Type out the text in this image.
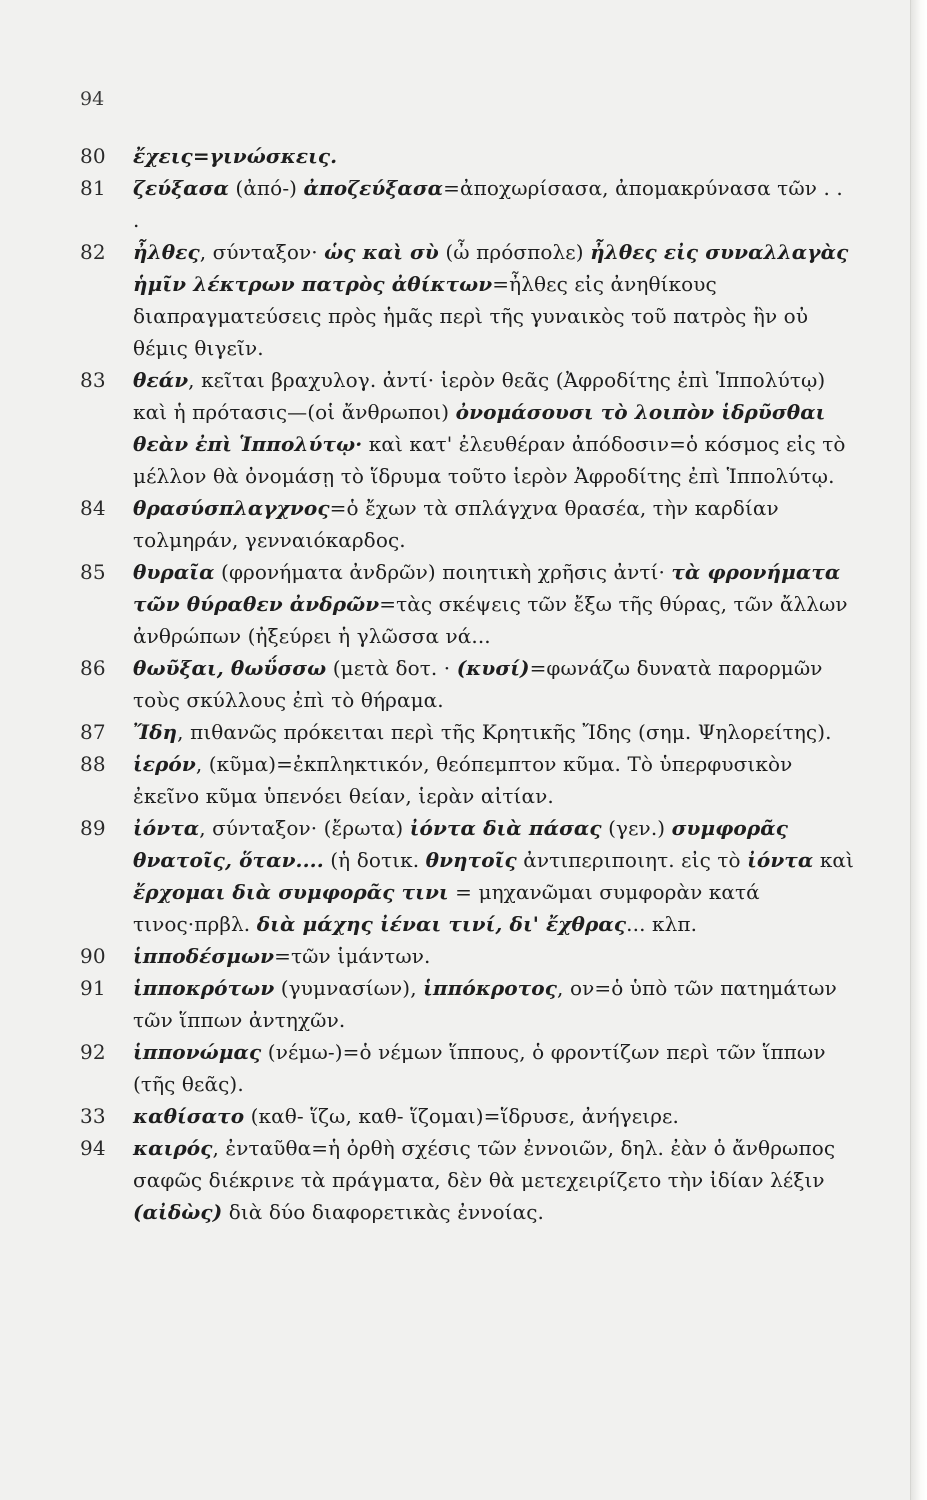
94
80	ἔχεις=γινώσκεις.
81	ζεύξασα (ἀπό-) ἀποζεύξασα=ἀποχωρίσασα, ἀπομακρύνασα τῶν . . .
82	ἦλθες, σύνταξον· ὡς καὶ σὺ (ὦ πρόσπολε) ἦλθες εἰς συναλλαγὰς ἡμῖν λέκτρων πατρὸς ἀθίκτων=ἦλθες εἰς ἀνηθίκους διαπραγματεύσεις πρὸς ἡμᾶς περὶ τῆς γυναικὸς τοῦ πατρὸς ἣν οὐ θέμις θιγεῖν.
83	θεάν, κεῖται βραχυλογ. ἀντί· ἱερὸν θεᾶς (Ἀφροδίτης ἐπὶ Ἱππολύτῳ) καὶ ἡ πρότασις—(οἱ ἄνθρωποι) ὀνομάσουσι τὸ λοιπὸν ἱδρῦσθαι θεὰν ἐπὶ Ἱππολύτῳ· καὶ κατ' ἐλευθέραν ἀπόδοσιν=ὁ κόσμος εἰς τὸ μέλλον θὰ ὀνομάσῃ τὸ ἵδρυμα τοῦτο ἱερὸν Ἀφροδίτης ἐπὶ Ἱππολύτῳ.
84	θρασύσπλαγχνος=ὁ ἔχων τὰ σπλάγχνα θρασέα, τὴν καρδίαν τολμηράν, γενναιόκαρδος.
85	θυραῖα (φρονήματα ἀνδρῶν) ποιητικὴ χρῆσις ἀντί· τὰ φρονήματα τῶν θύραθεν ἀνδρῶν=τὰς σκέψεις τῶν ἔξω τῆς θύρας, τῶν ἄλλων ἀνθρώπων (ἠξεύρει ἡ γλῶσσα νά...
86	θωῦξαι, θωΰσσω (μετὰ δοτ. · (κυσί)=φωνάζω δυνατὰ παρορμῶν τοὺς σκύλλους ἐπὶ τὸ θήραμα.
87	Ἴδη, πιθανῶς πρόκειται περὶ τῆς Κρητικῆς Ἴδης (σημ. Ψηλορείτης).
88	ἱερόν, (κῦμα)=ἐκπληκτικόν, θεόπεμπτον κῦμα. Τὸ ὑπερφυσικὸν ἐκεῖνο κῦμα ὑπενόει θείαν, ἱερὰν αἰτίαν.
89	ἰόντα, σύνταξον· (ἔρωτα) ἰόντα διὰ πάσας (γεν.) συμφορᾶς θνατοῖς, ὅταν.... (ἡ δοτικ. θνητοῖς ἀντιπεριποιητ. εἰς τὸ ἰόντα καὶ ἔρχομαι διὰ συμφορᾶς τινι = μηχανῶμαι συμφορὰν κατά τινος·πρβλ. διὰ μάχης ἰέναι τινί, δι' ἔχθρας... κλπ.
90	ἱπποδέσμων=τῶν ἱμάντων.
91	ἱπποκρότων (γυμνασίων), ἱππόκροτος, ον=ὁ ὑπὸ τῶν πατημάτων τῶν ἵππων ἀντηχῶν.
92	ἱππονώμας (νέμω-)=ὁ νέμων ἵππους, ὁ φροντίζων περὶ τῶν ἵππων (τῆς θεᾶς).
33	καθίσατο (καθ- ἵζω, καθ- ἵζομαι)=ἵδρυσε, ἀνήγειρε.
94	καιρός, ἐνταῦθα=ἡ ὀρθὴ σχέσις τῶν ἐννοιῶν, δηλ. ἐὰν ὁ ἄνθρωπος σαφῶς διέκρινε τὰ πράγματα, δὲν θὰ μετεχειρίζετο τὴν ἰδίαν λέξιν (αἰδὼς) διὰ δύο διαφορετικὰς ἐννοίας.
